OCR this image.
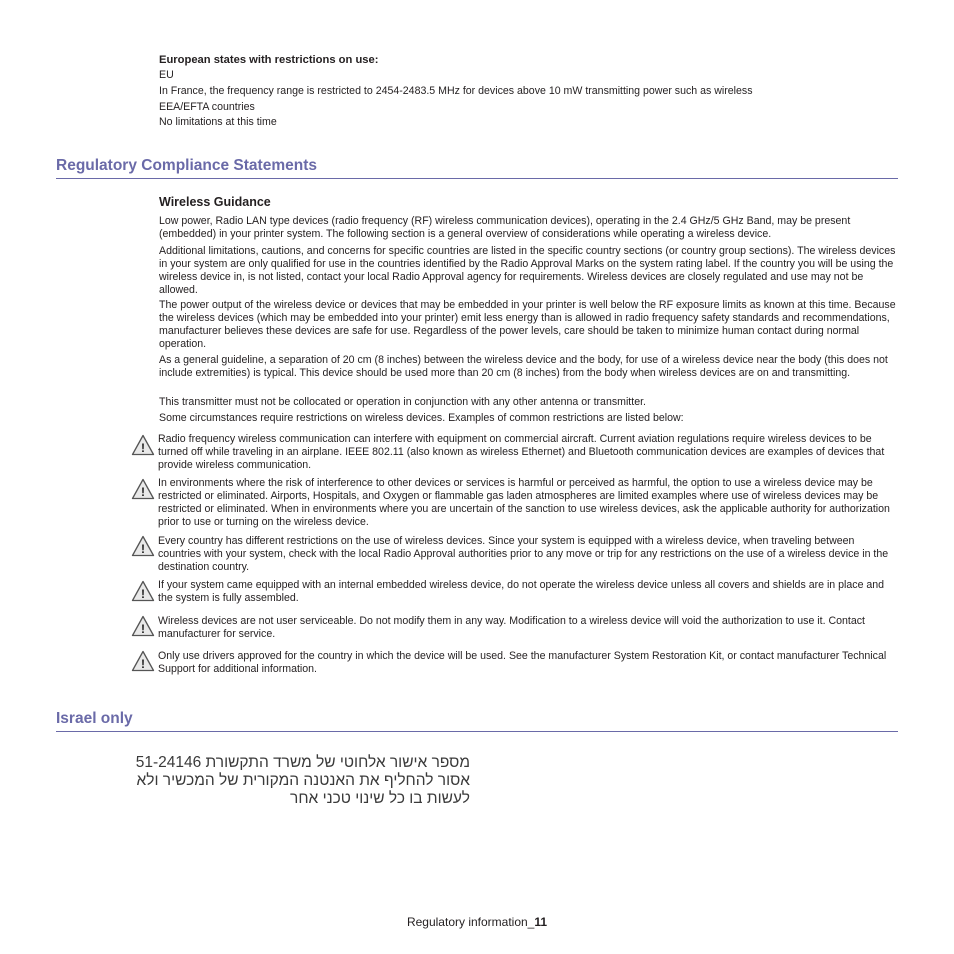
European states with restrictions on use:
EU
In France, the frequency range is restricted to 2454-2483.5 MHz for devices above 10 mW transmitting power such as wireless
EEA/EFTA countries
No limitations at this time
Regulatory Compliance Statements
Wireless Guidance

Low power, Radio LAN type devices (radio frequency (RF) wireless communication devices), operating in the 2.4 GHz/5 GHz Band, may be present (embedded) in your printer system. The following section is a general overview of considerations while operating a wireless device.

Additional limitations, cautions, and concerns for specific countries are listed in the specific country sections (or country group sections). The wireless devices in your system are only qualified for use in the countries identified by the Radio Approval Marks on the system rating label. If the country you will be using the wireless device in, is not listed, contact your local Radio Approval agency for requirements. Wireless devices are closely regulated and use may not be allowed.

The power output of the wireless device or devices that may be embedded in your printer is well below the RF exposure limits as known at this time. Because the wireless devices (which may be embedded into your printer) emit less energy than is allowed in radio frequency safety standards and recommendations, manufacturer believes these devices are safe for use. Regardless of the power levels, care should be taken to minimize human contact during normal operation.

As a general guideline, a separation of 20 cm (8 inches) between the wireless device and the body, for use of a wireless device near the body (this does not include extremities) is typical. This device should be used more than 20 cm (8 inches) from the body when wireless devices are on and transmitting.

This transmitter must not be collocated or operation in conjunction with any other antenna or transmitter.

Some circumstances require restrictions on wireless devices. Examples of common restrictions are listed below:

!

Radio frequency wireless communication can interfere with equipment on commercial aircraft. Current aviation regulations require wireless devices to be turned off while traveling in an airplane. IEEE 802.11 (also known as wireless Ethernet) and Bluetooth communication devices are examples of devices that provide wireless communication.

!

In environments where the risk of interference to other devices or services is harmful or perceived as harmful, the option to use a wireless device may be restricted or eliminated. Airports, Hospitals, and Oxygen or flammable gas laden atmospheres are limited examples where use of wireless devices may be restricted or eliminated. When in environments where you are uncertain of the sanction to use wireless devices, ask the applicable authority for authorization prior to use or turning on the wireless device.

!

Every country has different restrictions on the use of wireless devices. Since your system is equipped with a wireless device, when traveling between countries with your system, check with the local Radio Approval authorities prior to any move or trip for any restrictions on the use of a wireless device in the destination country.

!

If your system came equipped with an internal embedded wireless device, do not operate the wireless device unless all covers and shields are in place and the system is fully assembled.

!

Wireless devices are not user serviceable. Do not modify them in any way. Modification to a wireless device will void the authorization to use it. Contact manufacturer for service.

!

Only use drivers approved for the country in which the device will be used. See the manufacturer System Restoration Kit, or contact manufacturer Technical Support for additional information.

Israel only
מספר אישור אלחוטי של משרד התקשורת 51-24146
אסור להחליף את האנטנה המקורית של המכשיר ולא
לעשות בו כל שינוי טכני אחר
Regulatory information_11
